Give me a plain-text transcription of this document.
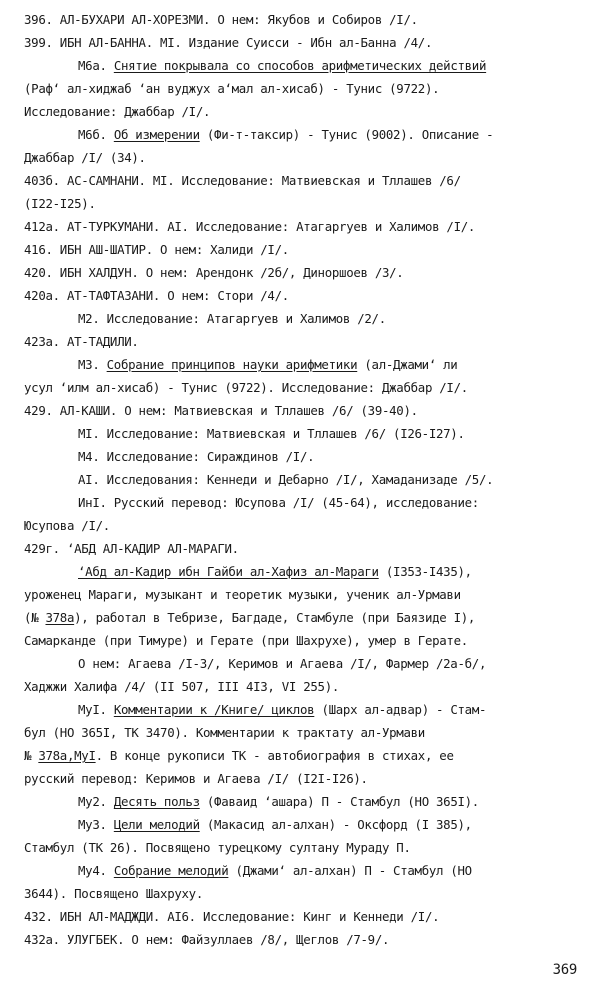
396. АЛ-БУХАРИ АЛ-ХОРЕЗМИ. О нем: Якубов и Собиров /I/.
399. ИБН АЛ-БАННА. МI. Издание Суисси - Ибн ал-Банна /4/.
М6а. Снятие покрывала со способов арифметических действий
(Раф‘ ал-хиджаб ‘ан вуджух а‘мал ал-хисаб) - Тунис (9722).
Исследование: Джаббар /I/.
М6б. Об измерении (Фи-т-таксир) - Тунис (9002). Описание -
Джаббар /I/ (34).
403б. АС-САМНАНИ. МI. Исследование: Матвиевская и Тллашев /6/
(I22-I25).
412а. АТ-ТУРКУМАНИ. АI. Исследование: Атагарryев и Халимов /I/.
416. ИБН АШ-ШАТИР. О нем: Халиди /I/.
420. ИБН ХАЛДУН. О нем: Арендонк /2б/, Диноршоев /3/.
420а. АТ-ТАФТАЗАНИ. О нем: Стори /4/.
М2. Исследование: Атагарryев и Халимов /2/.
423а. АТ-ТАДИЛИ.
М3. Собрание принципов науки арифметики (ал-Джами‘ ли
усул ‘илм ал-хисаб) - Тунис (9722). Исследование: Джаббар /I/.
429. АЛ-КАШИ. О нем: Матвиевская и Тллашев /6/ (39-40).
МI. Исследование: Матвиевская и Тллашев /6/ (I26-I27).
М4. Исследование: Сираждинов /I/.
АI. Исследования: Кеннеди и Дебарно /I/, Хамаданизаде /5/.
ИнI. Русский перевод: Юсупова /I/ (45-64), исследование:
Юсупова /I/.
429г. ‘АБД АЛ-КАДИР АЛ-МАРАГИ.
‘Абд ал-Кадир ибн Гайби ал-Хафиз ал-Мараги (I353-I435),
уроженец Мараги, музыкант и теоретик музыки, ученик ал-Урмави
(№ 378а), работал в Тебризе, Багдаде, Стамбуле (при Баязиде I),
Самарканде (при Тимуре) и Герате (при Шахрухе), умер в Герате.
О нем: Агаева /I-3/, Керимов и Агаева /I/, Фармер /2а-б/,
Хаджжи Халифа /4/ (II 507, III 4I3, VI 255).
МуI. Комментарии к /Книге/ циклов (Шарх ал-адвар) - Стам-
бул (НО 365I, ТК 3470). Комментарии к трактату ал-Урмави
№ 378а,МуI. В конце рукописи ТК - автобиография в стихах, ее
русский перевод: Керимов и Агаева /I/ (I2I-I26).
Му2. Десять польз (Фаваид ‘ашара) П - Стамбул (НО 365I).
Му3. Цели мелодий (Макасид ал-алхан) - Оксфорд (I 385),
Стамбул (ТК 26). Посвящено турецкому султану Мураду П.
Му4. Собрание мелодий (Джами‘ ал-алхан) П - Стамбул (НО
3644). Посвящено Шахруху.
432. ИБН АЛ-МАДЖДИ. АI6. Исследование: Кинг и Кеннеди /I/.
432а. УЛУГБЕК. О нем: Файзуллаев /8/, Щеглов /7-9/.
369
